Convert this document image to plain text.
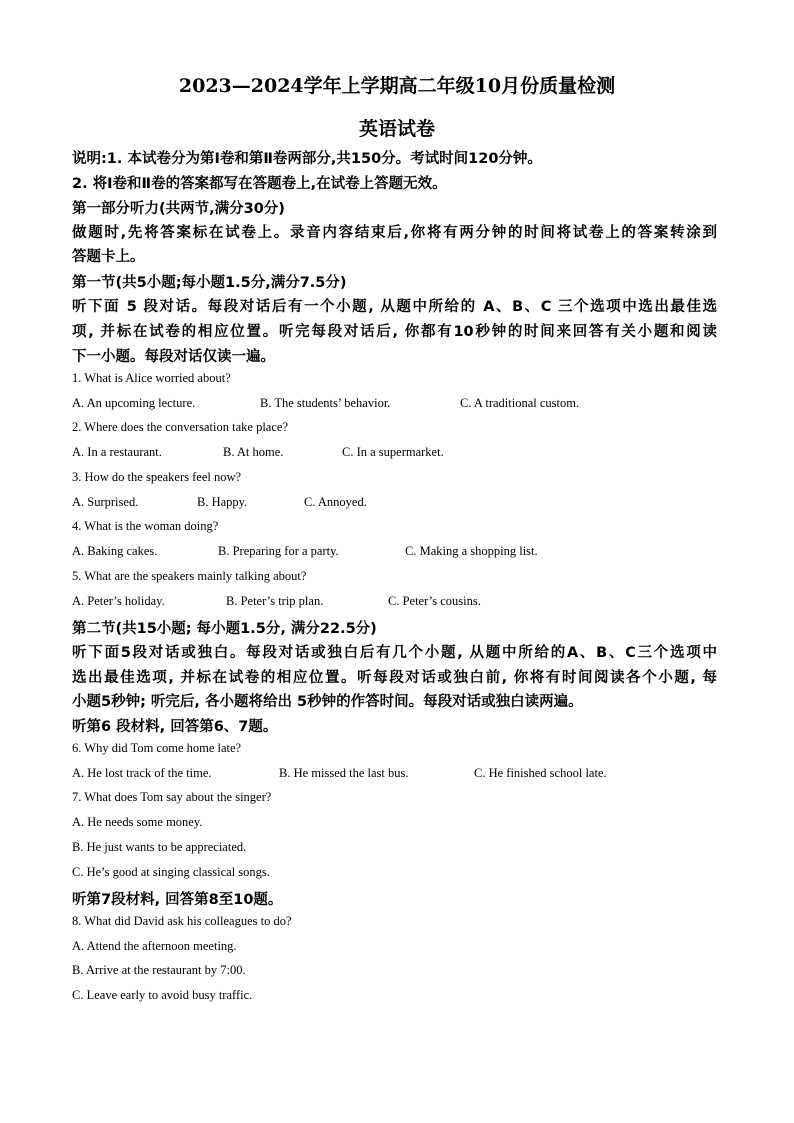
2023—2024学年上学期高二年级10月份质量检测
英语试卷
说明:1. 本试卷分为第Ⅰ卷和第Ⅱ卷两部分,共150分。考试时间120分钟。
2. 将Ⅰ卷和Ⅱ卷的答案都写在答题卷上,在试卷上答题无效。
第一部分听力(共两节,满分30分)
做题时,先将答案标在试卷上。录音内容结束后,你将有两分钟的时间将试卷上的答案转涂到
答题卡上。
第一节(共5小题;每小题1.5分,满分7.5分)
听下面 5 段对话。每段对话后有一个小题, 从题中所给的 A、B、C 三个选项中选出最佳选
项, 并标在试卷的相应位置。听完每段对话后, 你都有10秒钟的时间来回答有关小题和阅读
下一小题。每段对话仅读一遍。
1. What is Alice worried about?
A. An upcoming lecture.	B. The students’ behavior.	C. A traditional custom.
2. Where does the conversation take place?
A. In a restaurant.	B. At home.	C. In a supermarket.
3. How do the speakers feel now?
A. Surprised.	B. Happy.	C. Annoyed.
4. What is the woman doing?
A. Baking cakes.	B. Preparing for a party.	C. Making a shopping list.
5. What are the speakers mainly talking about?
A. Peter’s holiday.	B. Peter’s trip plan.	C. Peter’s cousins.
第二节(共15小题; 每小题1.5分, 满分22.5分)
听下面5段对话或独白。每段对话或独白后有几个小题, 从题中所给的A、B、C三个选项中
选出最佳选项, 并标在试卷的相应位置。听每段对话或独白前, 你将有时间阅读各个小题, 每
小题5秒钟; 听完后, 各小题将给出 5秒钟的作答时间。每段对话或独白读两遍。
听第6 段材料, 回答第6、7题。
6. Why did Tom come home late?
A. He lost track of the time.	B. He missed the last bus.	C. He finished school late.
7. What does Tom say about the singer?
A. He needs some money.
B. He just wants to be appreciated.
C. He’s good at singing classical songs.
听第7段材料, 回答第8至10题。
8. What did David ask his colleagues to do?
A. Attend the afternoon meeting.
B. Arrive at the restaurant by 7:00.
C. Leave early to avoid busy traffic.
